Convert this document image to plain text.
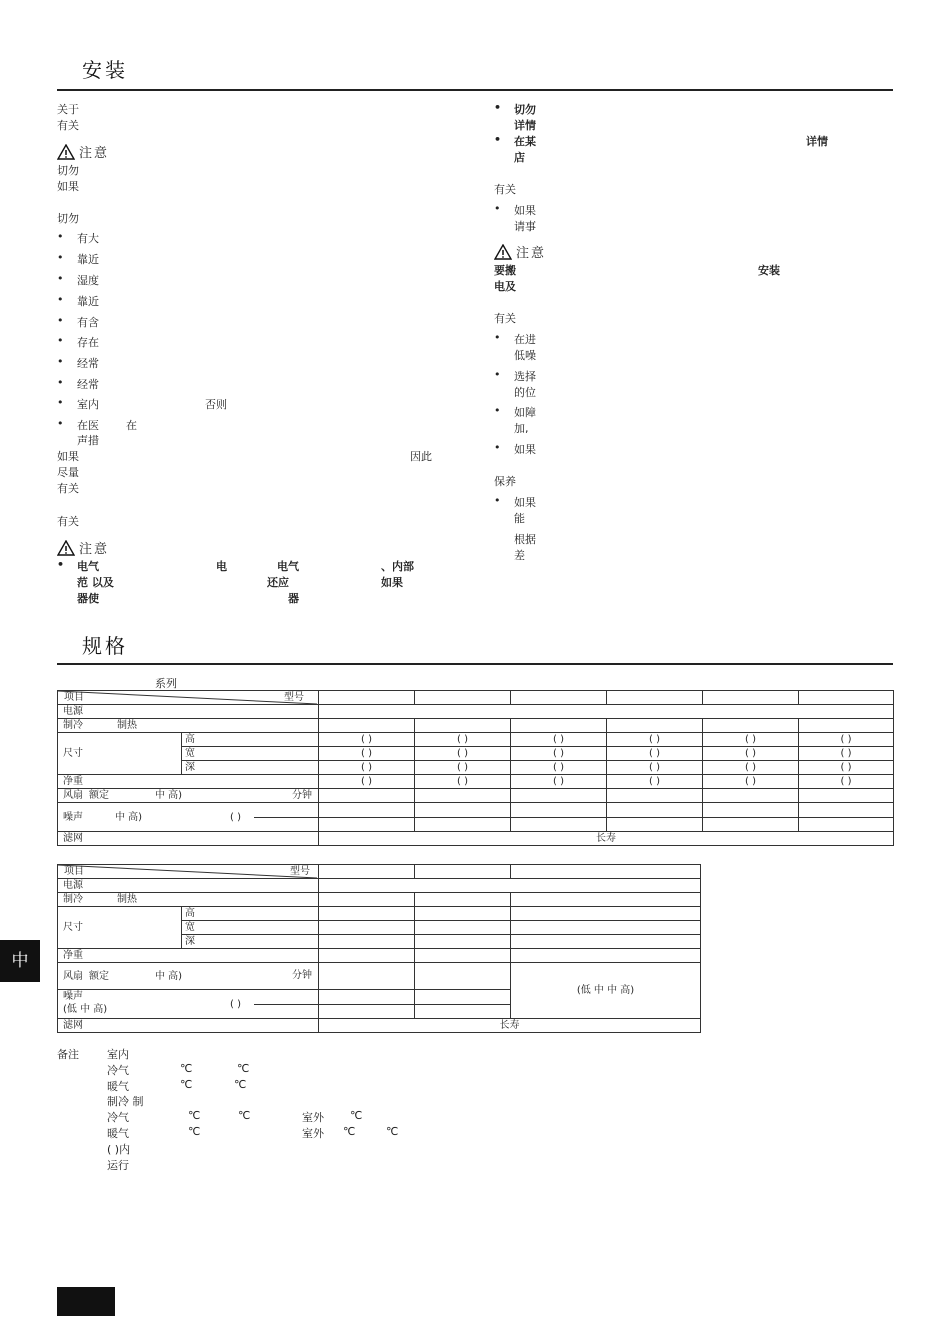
安装
关于
有关
注意
切勿
如果
切勿
• 有大
• 靠近
• 湿度
• 靠近
• 有含
• 存在
• 经常
• 经常
• 室内	否则
• 在医 在
声措
如果	因此
尽量
有关
有关
注意
• 电气	电	电气	、内部
范 以及	还应	如果
器使	器
• 切勿
详情
• 在某	详情
店
有关
• 如果
请事
注意
要搬	安装
电及
有关
• 在进
低噪
• 选择
的位
• 如障
加,
• 如果
保养
• 如果
能
根据
差
规格
系列
项目 型号							

电源							
制冷 制热							
尺寸	高	( )	( )	( )	( )	( )	( )
	宽	( )	( )	( )	( )	( )	( )
	深	( )	( )	( )	( )	( )	( )
净重		( )	( )	( )	( )	( )	( )
风扇 额定 中 高) 分钟							

噪声 中 高) ( )							

滤网		长寿					
项目 型号				

电源				
制冷 制热				
尺寸	高			
	宽			
	深			
净重				
风扇 额定 中 高) 分钟				(低 中 中 高)

噪声
(低 中 高) ( )				

滤网		长寿		
备注	室内
冷气	℃	℃
暖气	℃	℃
制冷 制
冷气	℃	℃	室外 ℃
暖气	℃	室外 ℃	℃
( )内
运行
中
